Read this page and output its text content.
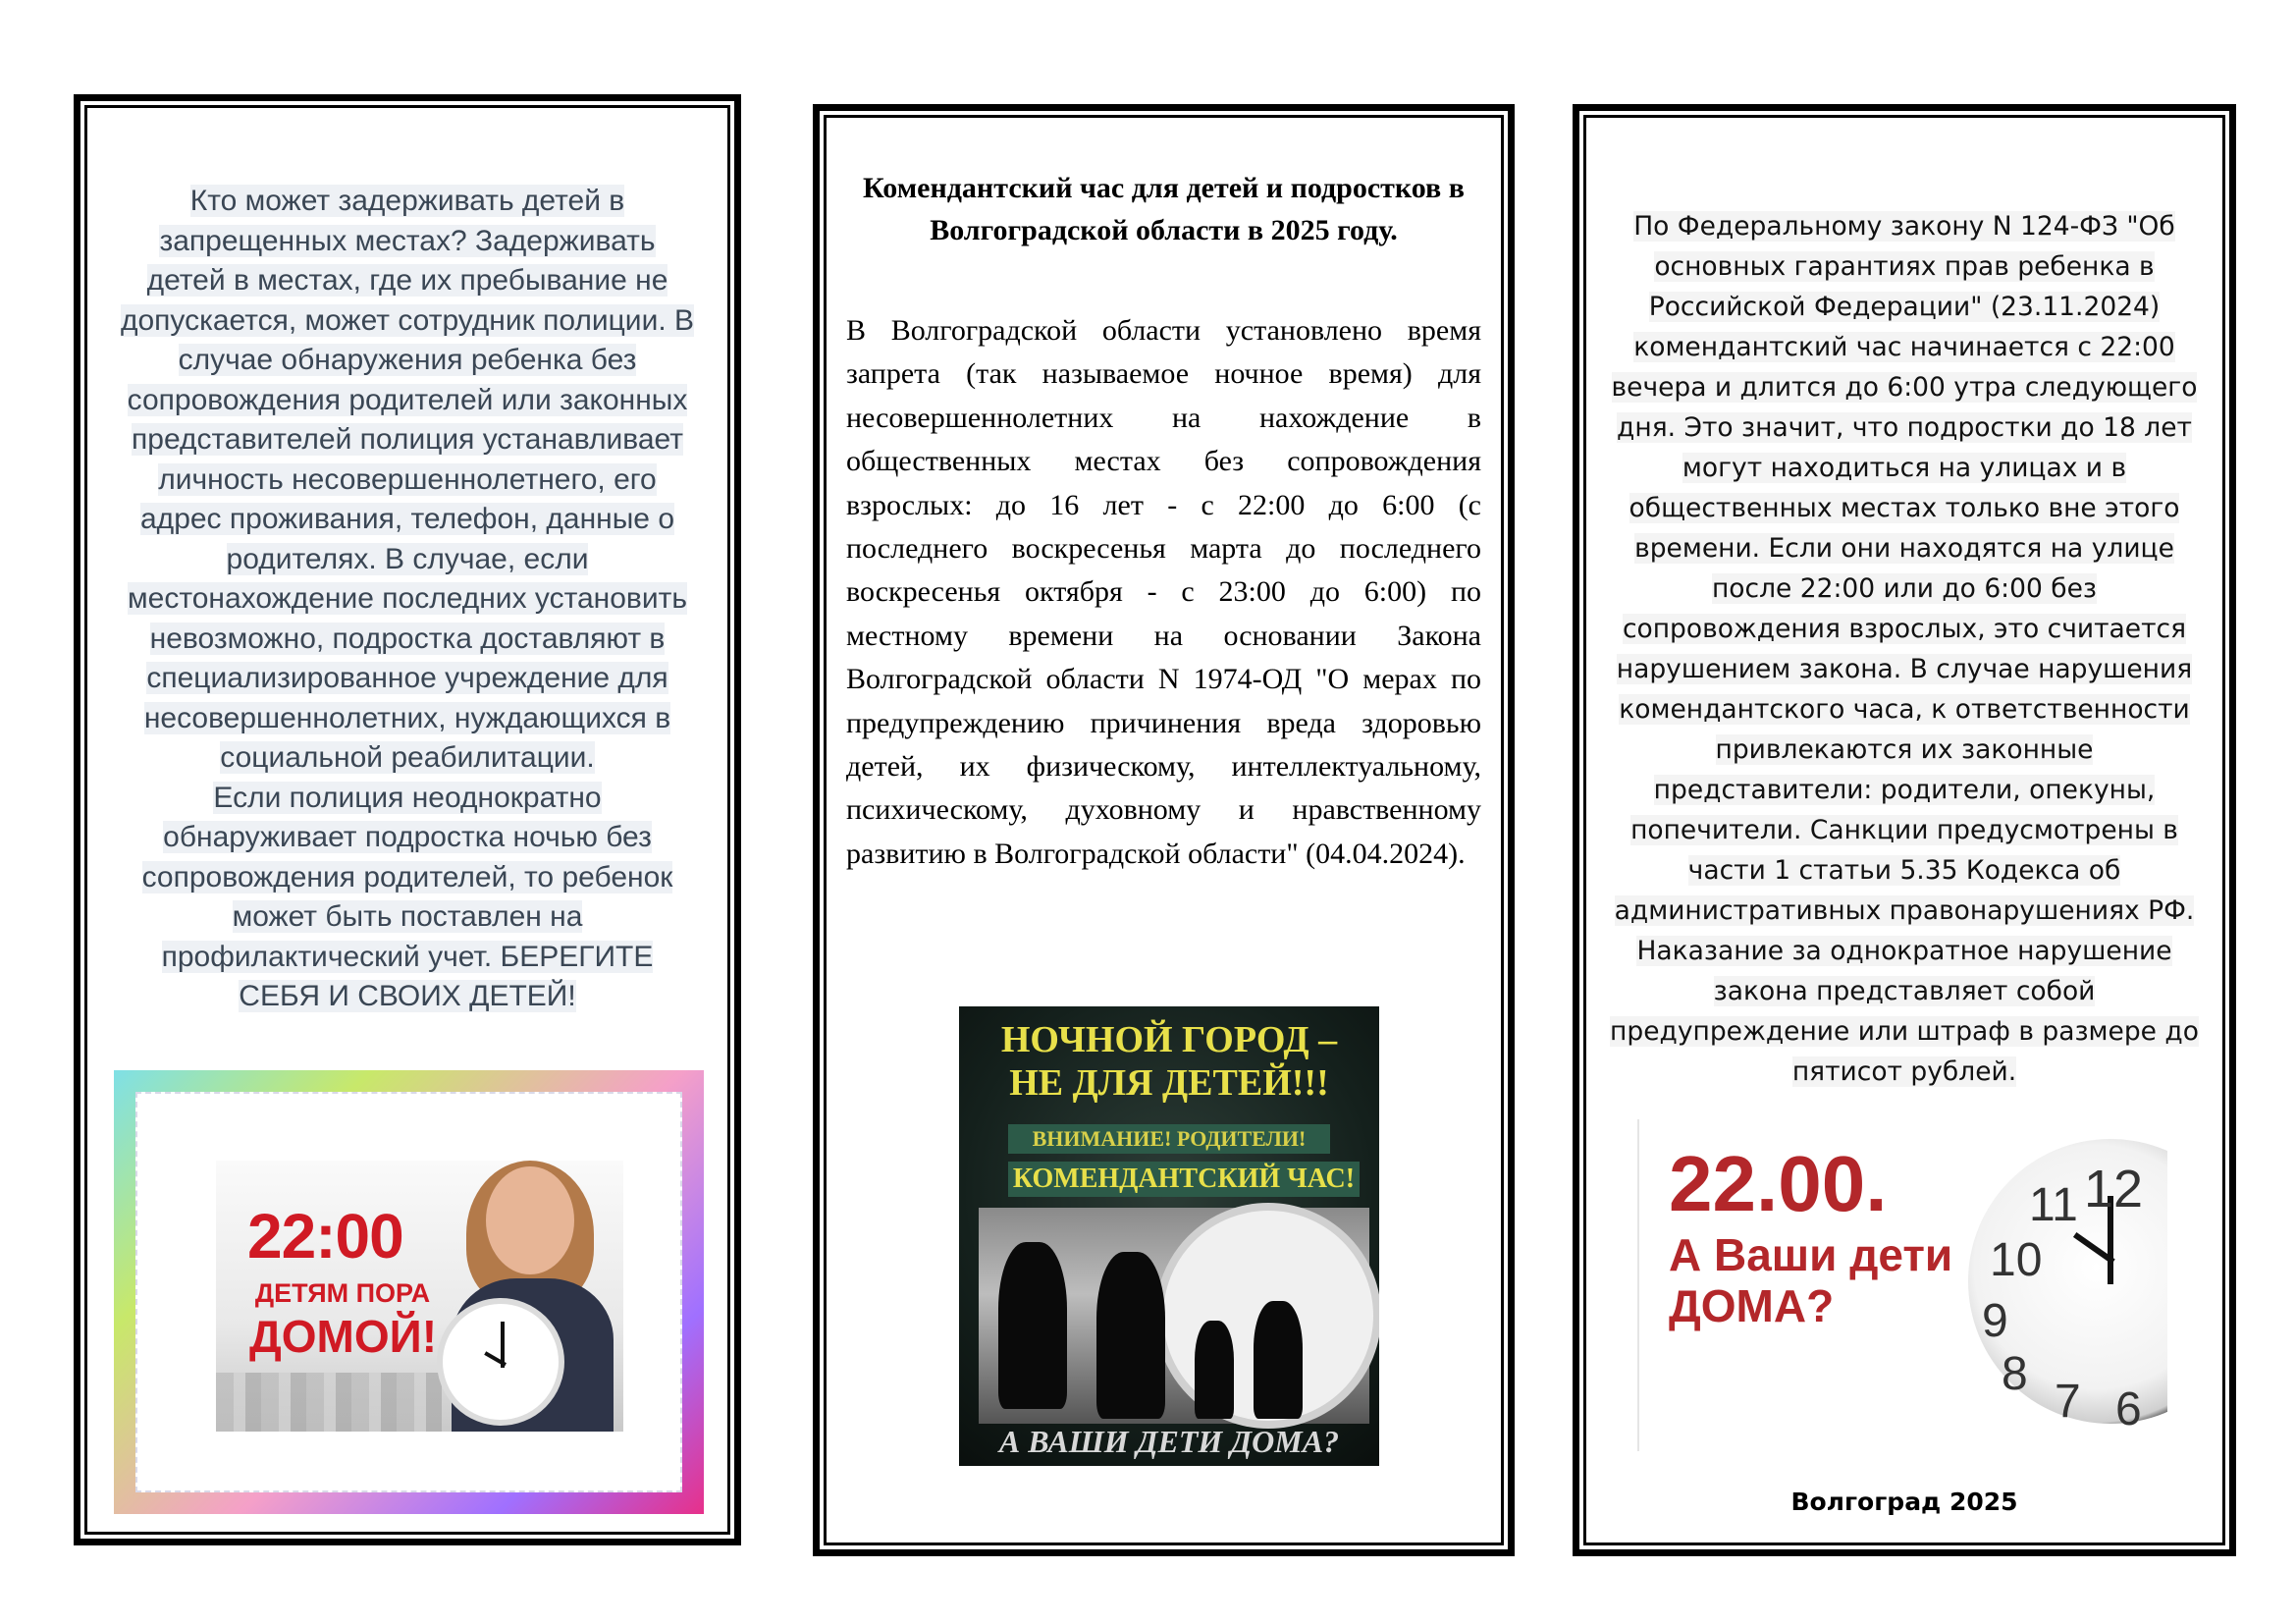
Кто может задерживать детей в
запрещенных местах? Задерживать
детей в местах, где их пребывание не
допускается, может сотрудник полиции. В
случае обнаружения ребенка без
сопровождения родителей или законных
представителей полиция устанавливает
личность несовершеннолетнего, его
адрес проживания, телефон, данные о
родителях. В случае, если
местонахождение последних установить
невозможно, подростка доставляют в
специализированное учреждение для
несовершеннолетних, нуждающихся в
социальной реабилитации.
Если полиция неоднократно
обнаруживает подростка ночью без
сопровождения родителей, то ребенок
может быть поставлен на
профилактический учет. БЕРЕГИТЕ
СЕБЯ И СВОИХ ДЕТЕЙ!
22:00
ДЕТЯМ ПОРА
ДОМОЙ!
Комендантский час для детей и подростков в Волгоградской области в 2025 году.
В Волгоградской области установлено время запрета (так называемое ночное время) для несовершеннолетних на нахождение в общественных местах без сопровождения взрослых: до 16 лет - с 22:00 до 6:00 (с последнего воскресенья марта до последнего воскресенья октября - с 23:00 до 6:00) по местному времени на основании Закона Волгоградской области N 1974-ОД "О мерах по предупреждению причинения вреда здоровью детей, их физическому, интеллектуальному, психическому, духовному и нравственному развитию в Волгоградской области" (04.04.2024).
НОЧНОЙ ГОРОД –
НЕ ДЛЯ ДЕТЕЙ!!!
ВНИМАНИЕ! РОДИТЕЛИ!
КОМЕНДАНТСКИЙ ЧАС!
А ВАШИ ДЕТИ ДОМА?
По Федеральному закону N 124-ФЗ "Об
основных гарантиях прав ребенка в
Российской Федерации" (23.11.2024)
комендантский час начинается с 22:00
вечера и длится до 6:00 утра следующего
дня. Это значит, что подростки до 18 лет
могут находиться на улицах и в
общественных местах только вне этого
времени. Если они находятся на улице
после 22:00 или до 6:00 без
сопровождения взрослых, это считается
нарушением закона. В случае нарушения
комендантского часа, к ответственности
привлекаются их законные
представители: родители, опекуны,
попечители. Санкции предусмотрены в
части 1 статьи 5.35 Кодекса об
административных правонарушениях РФ.
Наказание за однократное нарушение
закона представляет собой
предупреждение или штраф в размере до
пятисот рублей.
12
11
10
9
8
7 6
22.00.
А Ваши дети
ДОМА?
Волгоград 2025
